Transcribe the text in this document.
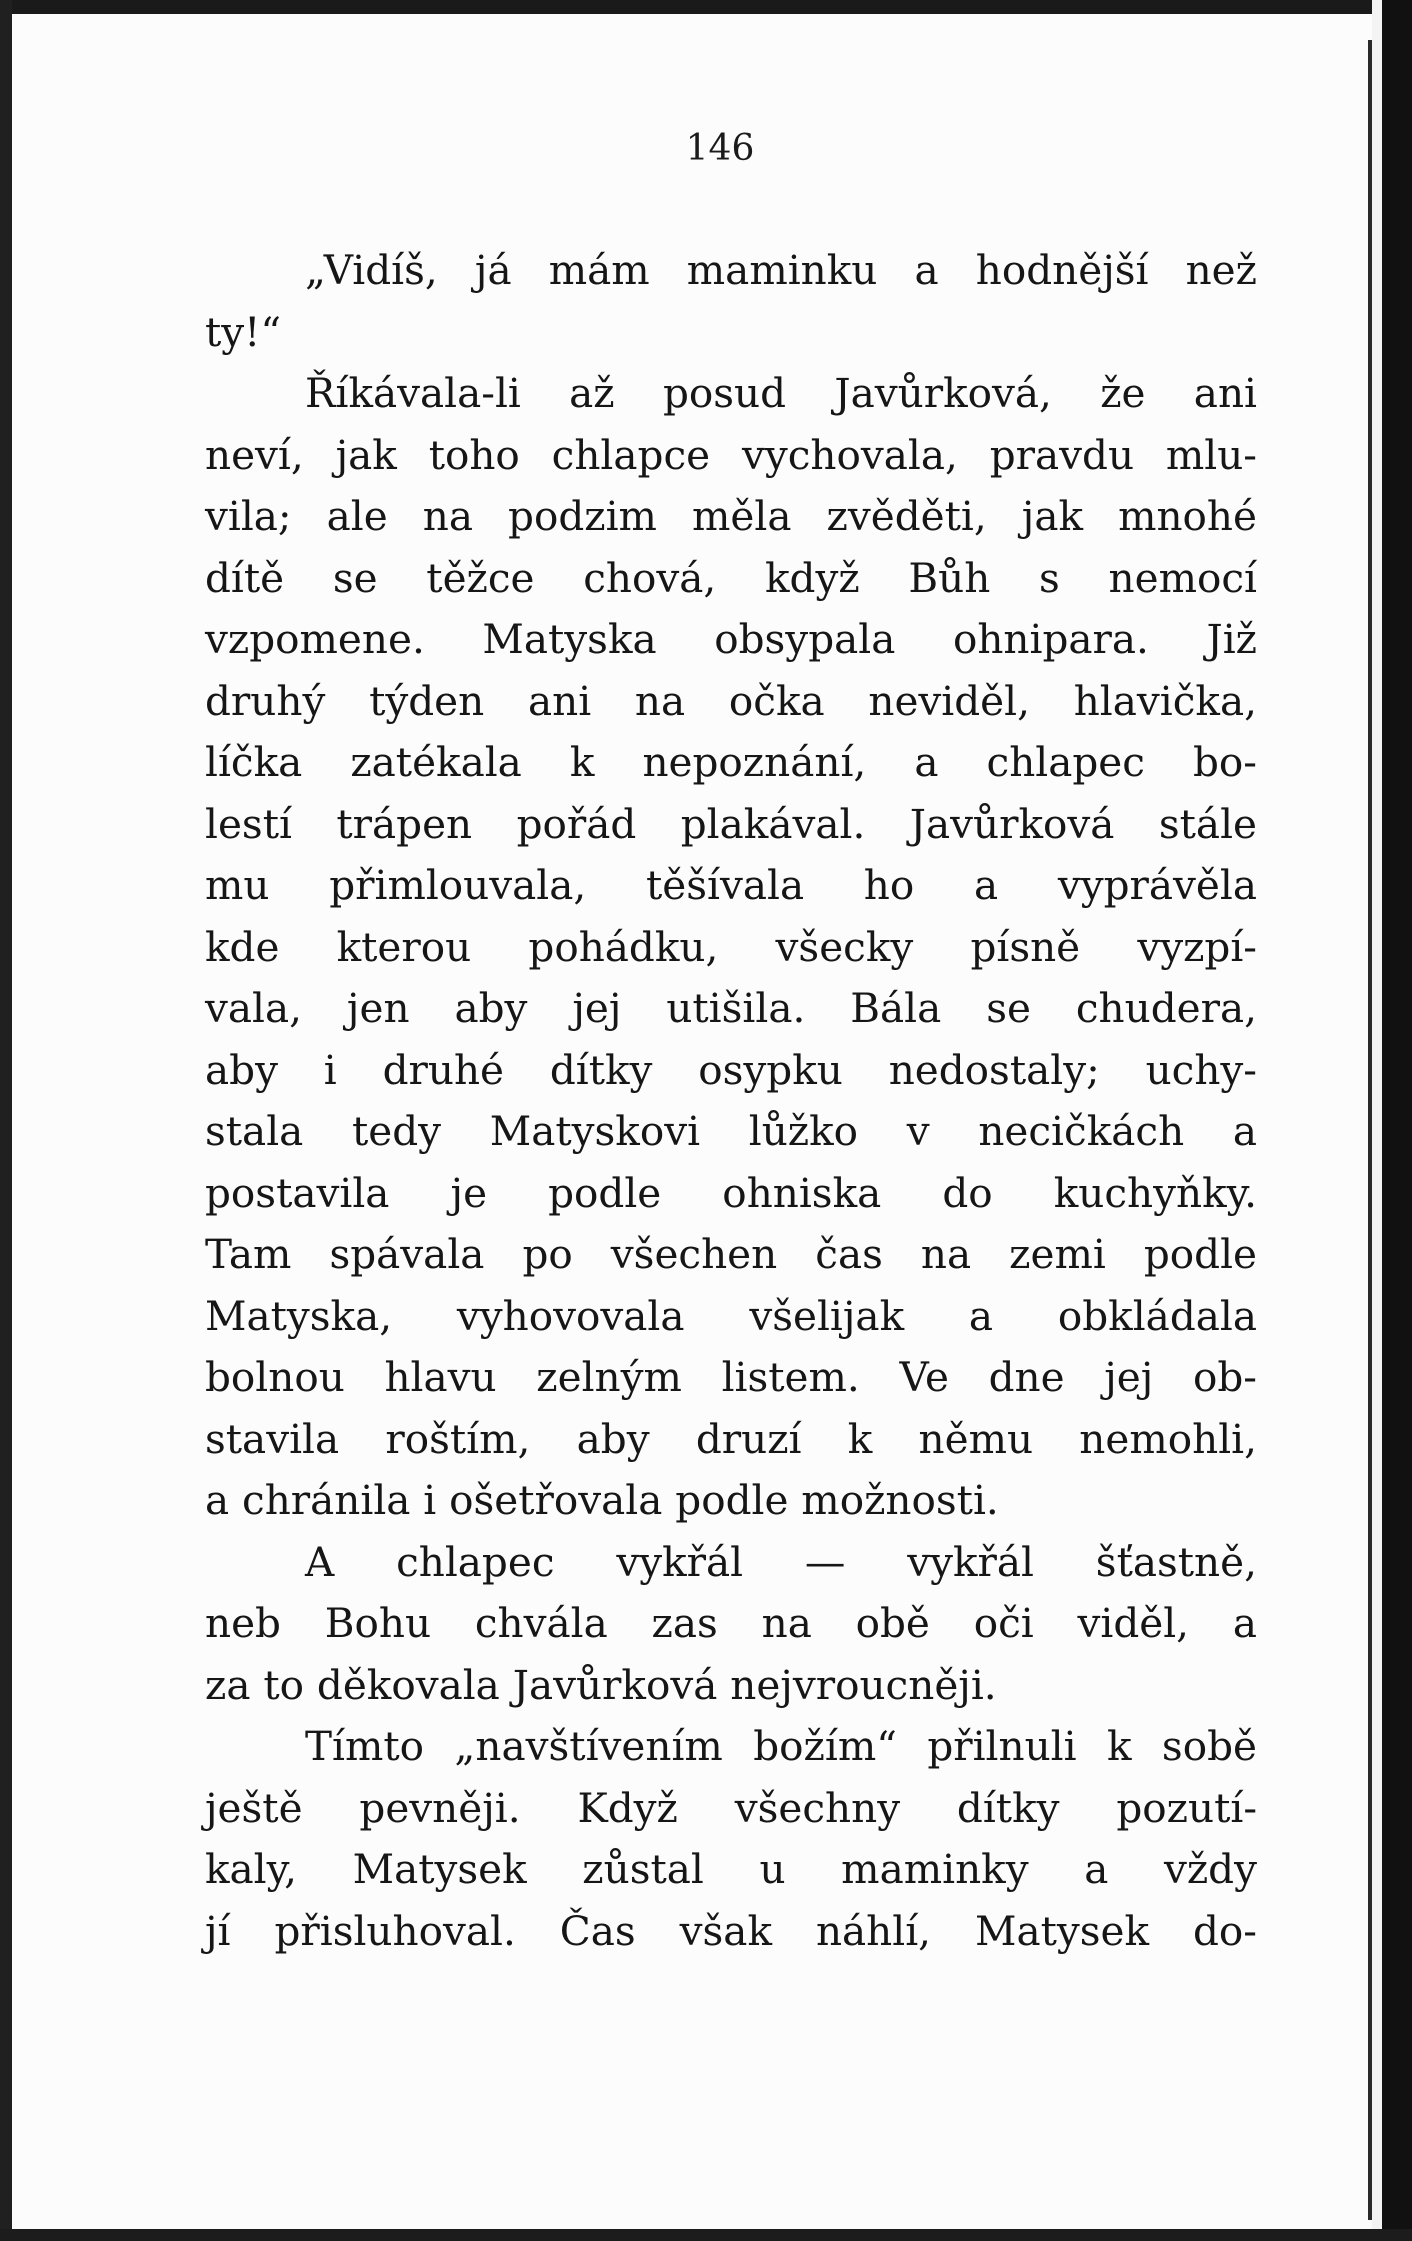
146
„Vidíš, já mám maminku a hodnější než
ty!“
Říkávala-li až posud Javůrková, že ani
neví, jak toho chlapce vychovala, pravdu mlu-
vila; ale na podzim měla zvěděti, jak mnohé
dítě se těžce chová, když Bůh s nemocí
vzpomene. Matyska obsypala ohnipara. Již
druhý týden ani na očka neviděl, hlavička,
líčka zatékala k nepoznání, a chlapec bo-
lestí trápen pořád plakával. Javůrková stále
mu přimlouvala, těšívala ho a vyprávěla
kde kterou pohádku, všecky písně vyzpí-
vala, jen aby jej utišila. Bála se chudera,
aby i druhé dítky osypku nedostaly; uchy-
stala tedy Matyskovi lůžko v necičkách a
postavila je podle ohniska do kuchyňky.
Tam spávala po všechen čas na zemi podle
Matyska, vyhovovala všelijak a obkládala
bolnou hlavu zelným listem. Ve dne jej ob-
stavila roštím, aby druzí k němu nemohli,
a chránila i ošetřovala podle možnosti.
A chlapec vykřál — vykřál šťastně,
neb Bohu chvála zas na obě oči viděl, a
za to děkovala Javůrková nejvroucněji.
Tímto „navštívením božím“ přilnuli k sobě
ještě pevněji. Když všechny dítky pozutí-
kaly, Matysek zůstal u maminky a vždy
jí přisluhoval. Čas však náhlí, Matysek do-
